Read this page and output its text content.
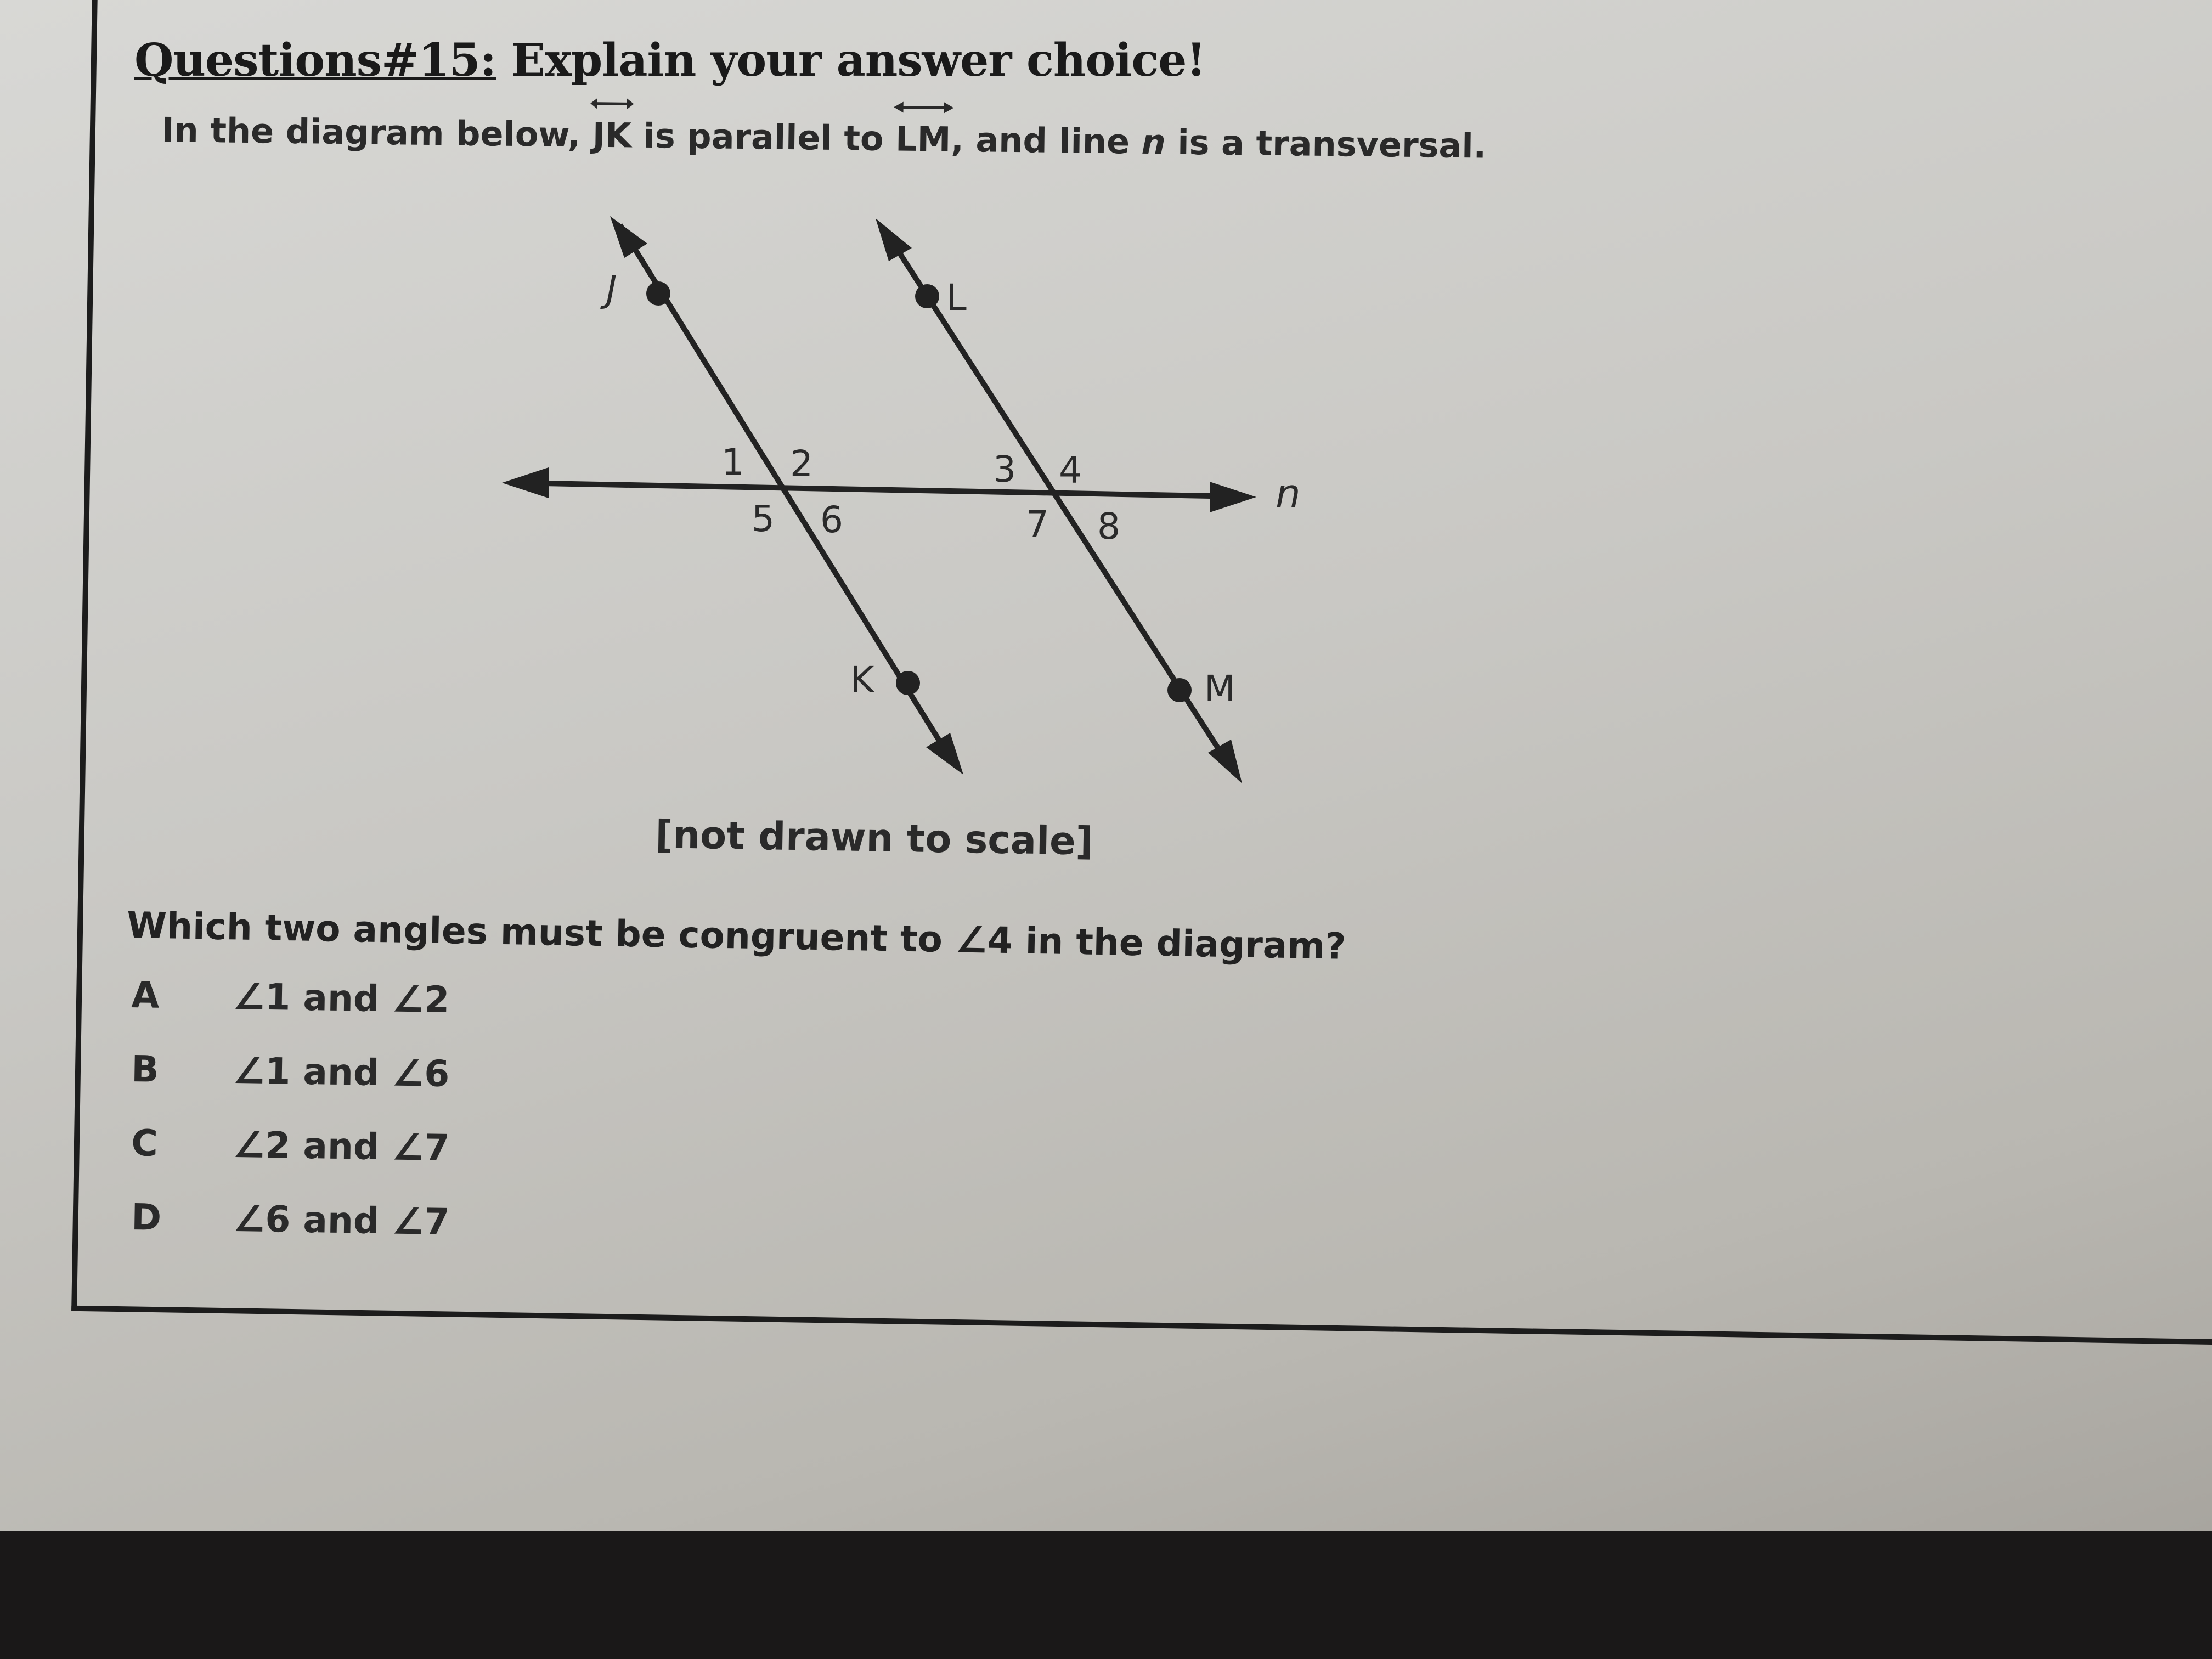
Questions#15: Explain your answer choice!
In the diagram below,
JK is parallel to
LM, and line n is a transversal.
J	L
K	M
n
1 2
5 6
3 4
7 8
[not drawn to scale]
Which two angles must be congruent to ∠4 in the diagram?
A ∠1 and ∠2
B ∠1 and ∠6
C ∠2 and ∠7
D ∠6 and ∠7
